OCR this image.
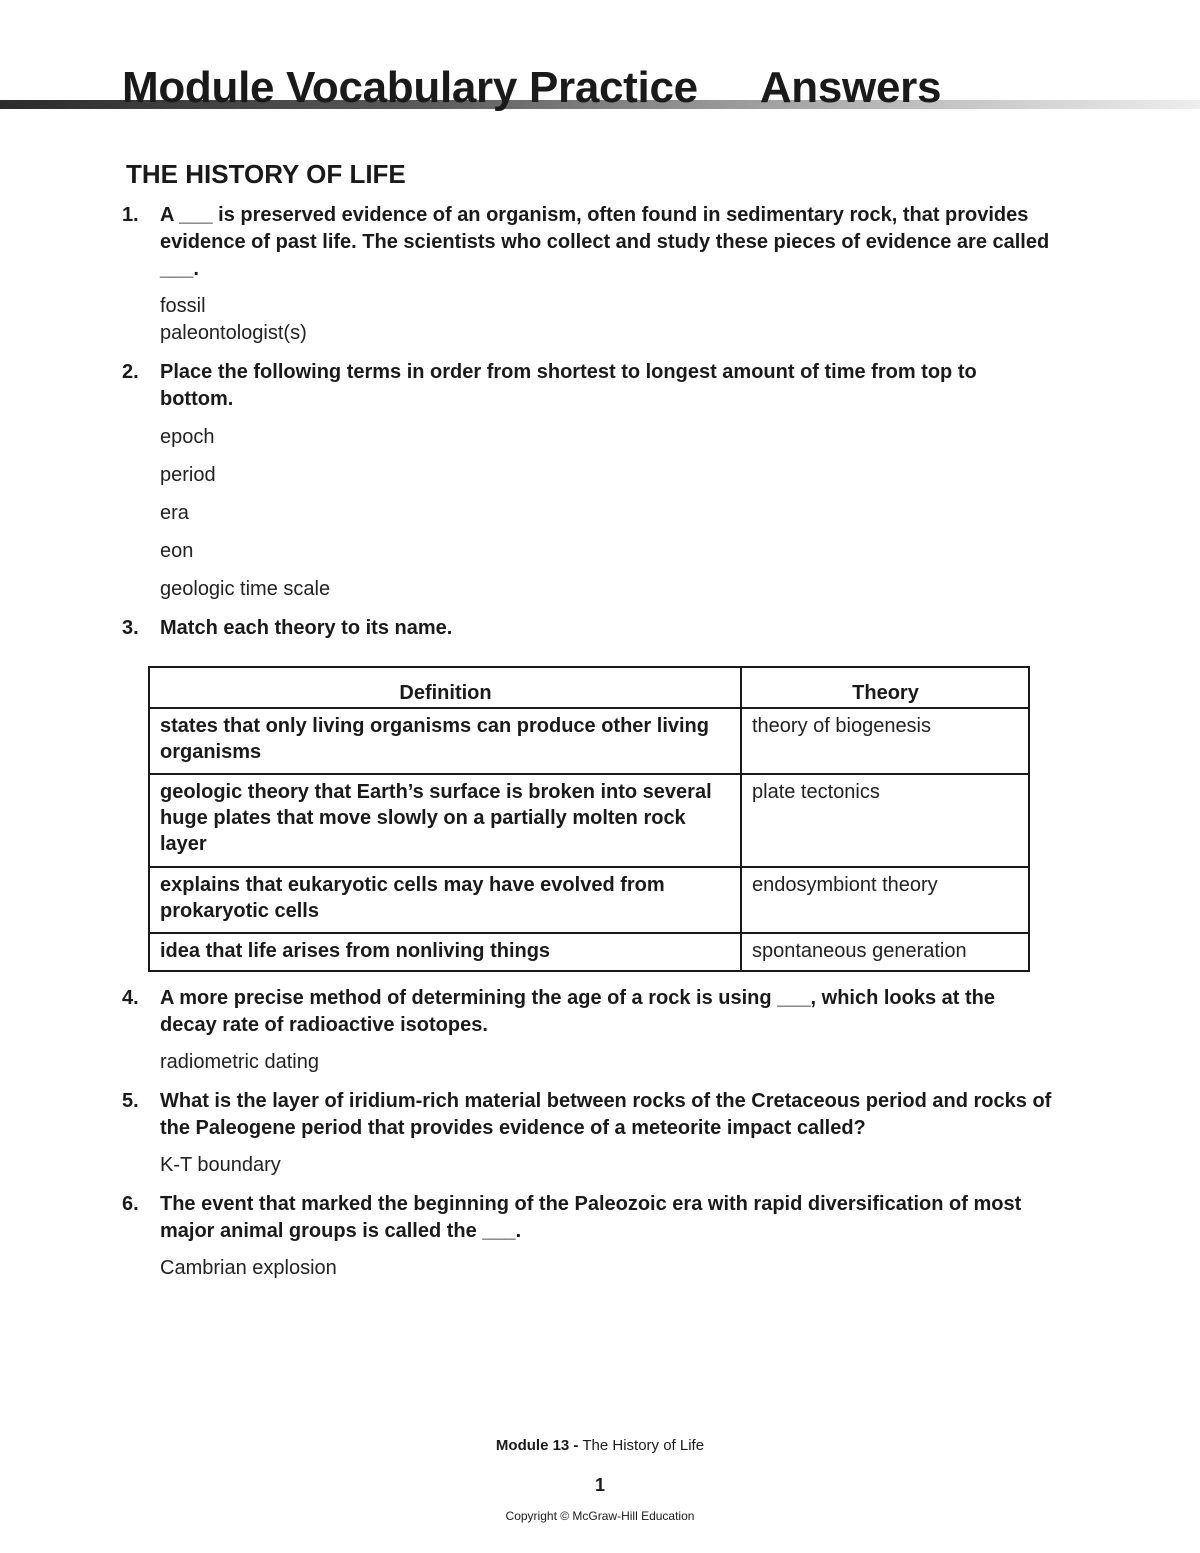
Module Vocabulary Practice Answers
THE HISTORY OF LIFE
1.	A ___ is preserved evidence of an organism, often found in sedimentary rock, that provides evidence of past life. The scientists who collect and study these pieces of evidence are called ___.
fossil
paleontologist(s)
2.	Place the following terms in order from shortest to longest amount of time from top to bottom.
epoch
period
era
eon
geologic time scale
3.	Match each theory to its name.
Definition	Theory
states that only living organisms can produce other living organisms	theory of biogenesis
geologic theory that Earth’s surface is broken into several huge plates that move slowly on a partially molten rock layer	plate tectonics
explains that eukaryotic cells may have evolved from prokaryotic cells	endosymbiont theory
idea that life arises from nonliving things	spontaneous generation
4.	A more precise method of determining the age of a rock is using ___, which looks at the decay rate of radioactive isotopes.
radiometric dating
5.	What is the layer of iridium-rich material between rocks of the Cretaceous period and rocks of the Paleogene period that provides evidence of a meteorite impact called?
K-T boundary
6.	The event that marked the beginning of the Paleozoic era with rapid diversification of most major animal groups is called the ___.
Cambrian explosion
Module 13 - The History of Life
1
Copyright © McGraw-Hill Education
